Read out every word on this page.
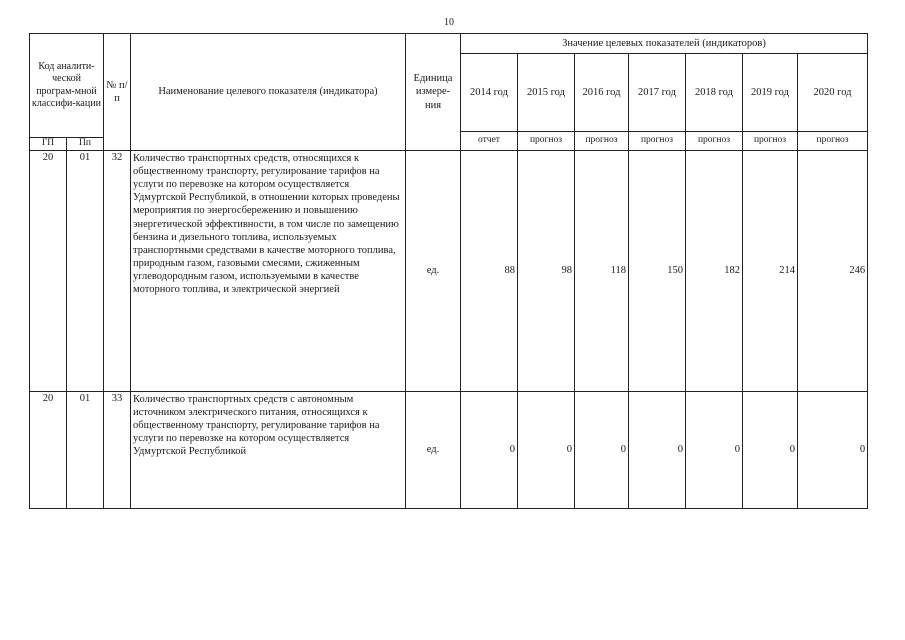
10
Код аналити-ческой програм-мной классифи-кации		№ п/п	Наименование целевого показателя (индикатора)	Единица измере-ния	Значение целевых показателей (индикаторов)						
					2014 год	2015 год	2016 год	2017 год	2018 год	2019 год	2020 год
					отчет	прогноз	прогноз	прогноз	прогноз	прогноз	прогноз
ГП	Пп										
20	01	32	Количество транспортных средств, относящихся к общественному транспорту, регулирование тарифов на услуги по перевозке на котором осуществляется Удмуртской Республикой, в отношении которых проведены мероприятия по энергосбережению и повышению энергетической эффективности, в том числе по замещению бензина и дизельного топлива, используемых транспортными средствами в качестве моторного топлива, природным газом, газовыми смесями, сжиженным углеводородным газом, используемыми в качестве моторного топлива, и электрической энергией	ед.	88	98	118	150	182	214	246
20	01	33	Количество транспортных средств с автономным источником электрического питания, относящихся к общественному транспорту, регулирование тарифов на услуги по перевозке на котором осуществляется Удмуртской Республикой	ед.	0	0	0	0	0	0	0
